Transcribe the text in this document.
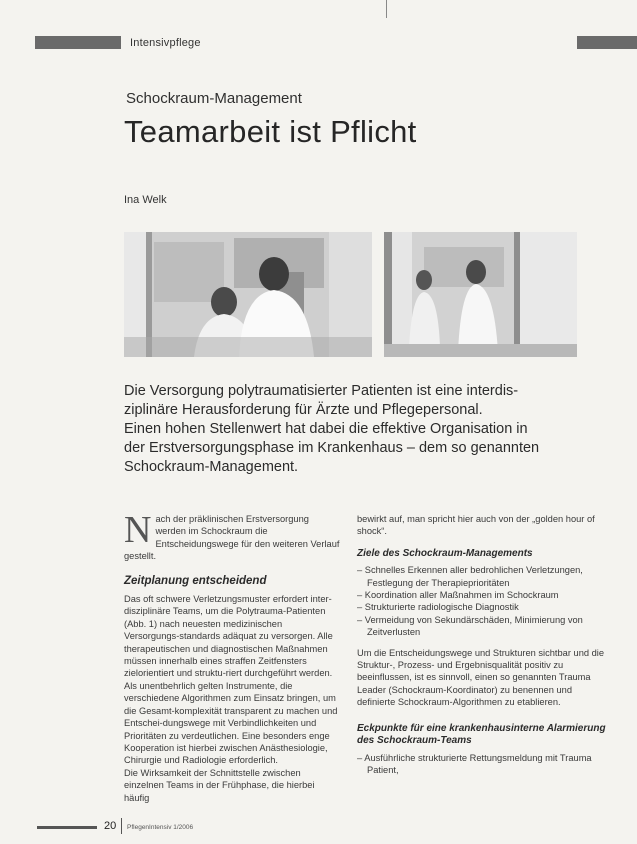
Intensivpflege
Schockraum-Management
Teamarbeit ist Pflicht
Ina Welk

Die Versorgung polytraumatisierter Patienten ist eine interdis-

ziplinäre Herausforderung für Ärzte und Pflegepersonal.

Einen hohen Stellenwert hat dabei die effektive Organisation in

der Erstversorgungsphase im Krankenhaus – dem so genannten

Schockraum-Management.

N ach der präklinischen Erstversorgung werden im Schockraum die Entscheidungswege für den weiteren Verlauf gestellt.
Zeitplanung entscheidend

Das oft schwere Verletzungsmuster erfordert inter-disziplinäre Teams, um die Polytrauma-Patienten (Abb. 1) nach neuesten medizinischen Versorgungs-standards adäquat zu versorgen. Alle therapeutischen und diagnostischen Maßnahmen müssen innerhalb eines straffen Zeitfensters zielorientiert und struktu-riert durchgeführt werden.

Als unentbehrlich gelten Instrumente, die verschiedene Algorithmen zum Einsatz bringen, um die Gesamt-komplexität transparent zu machen und Entschei-dungswege mit Verbindlichkeiten und Prioritäten zu verdeutlichen. Eine besonders enge Kooperation ist hierbei zwischen Anästhesiologie, Chirurgie und Radiologie erforderlich.

Die Wirksamkeit der Schnittstelle zwischen einzelnen Teams in der Frühphase, die hierbei häufig

bewirkt auf, man spricht hier auch von der „golden hour of shock“.

Ziele des Schockraum-Managements
– Schnelles Erkennen aller bedrohlichen Verletzungen, Festlegung der Therapieprioritäten
– Koordination aller Maßnahmen im Schockraum
– Strukturierte radiologische Diagnostik
– Vermeidung von Sekundärschäden, Minimierung von Zeitverlusten

Um die Entscheidungswege und Strukturen sichtbar und die Struktur-, Prozess- und Ergebnisqualität positiv zu beeinflussen, ist es sinnvoll, einen so genannten Trauma Leader (Schockraum-Koordinator) zu benennen und definierte Schockraum-Algorithmen zu etablieren.

Eckpunkte für eine krankenhausinterne Alarmierung des Schockraum-Teams
– Ausführliche strukturierte Rettungsmeldung mit Trauma Patient,
20 PflegenIntensiv 1/2006
